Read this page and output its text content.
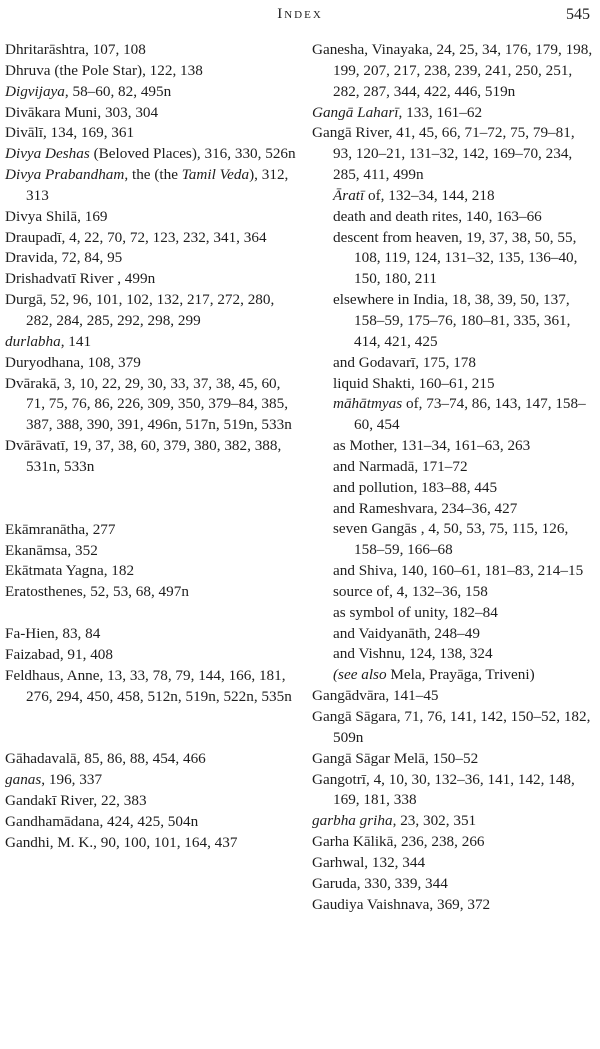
Index	545
Dhritarāshtra, 107, 108
Dhruva (the Pole Star), 122, 138
Digvijaya, 58–60, 82, 495n
Divākara Muni, 303, 304
Divālī, 134, 169, 361
Divya Deshas (Beloved Places), 316, 330, 526n
Divya Prabandham, the (the Tamil Veda), 312, 313
Divya Shilā, 169
Draupadī, 4, 22, 70, 72, 123, 232, 341, 364
Dravida, 72, 84, 95
Drishadvatī River , 499n
Durgā, 52, 96, 101, 102, 132, 217, 272, 280, 282, 284, 285, 292, 298, 299
durlabha, 141
Duryodhana, 108, 379
Dvārakā, 3, 10, 22, 29, 30, 33, 37, 38, 45, 60, 71, 75, 76, 86, 226, 309, 350, 379–84, 385, 387, 388, 390, 391, 496n, 517n, 519n, 533n
Dvārāvatī, 19, 37, 38, 60, 379, 380, 382, 388, 531n, 533n
Ekāmranātha, 277
Ekanāmsa, 352
Ekātmata Yagna, 182
Eratosthenes, 52, 53, 68, 497n
Fa-Hien, 83, 84
Faizabad, 91, 408
Feldhaus, Anne, 13, 33, 78, 79, 144, 166, 181, 276, 294, 450, 458, 512n, 519n, 522n, 535n
Gāhadavalā, 85, 86, 88, 454, 466
ganas, 196, 337
Gandakī River, 22, 383
Gandhamādana, 424, 425, 504n
Gandhi, M. K., 90, 100, 101, 164, 437
Ganesha, Vinayaka, 24, 25, 34, 176, 179, 198, 199, 207, 217, 238, 239, 241, 250, 251, 282, 287, 344, 422, 446, 519n
Gangā Laharī, 133, 161–62
Gangā River, 41, 45, 66, 71–72, 75, 79–81, 93, 120–21, 131–32, 142, 169–70, 234, 285, 411, 499n
Āratī of, 132–34, 144, 218
death and death rites, 140, 163–66
descent from heaven, 19, 37, 38, 50, 55, 108, 119, 124, 131–32, 135, 136–40, 150, 180, 211
elsewhere in India, 18, 38, 39, 50, 137, 158–59, 175–76, 180–81, 335, 361, 414, 421, 425
and Godavarī, 175, 178
liquid Shakti, 160–61, 215
māhātmyas of, 73–74, 86, 143, 147, 158–60, 454
as Mother, 131–34, 161–63, 263
and Narmadā, 171–72
and pollution, 183–88, 445
and Rameshvara, 234–36, 427
seven Gangās , 4, 50, 53, 75, 115, 126, 158–59, 166–68
and Shiva, 140, 160–61, 181–83, 214–15
source of, 4, 132–36, 158
as symbol of unity, 182–84
and Vaidyanāth, 248–49
and Vishnu, 124, 138, 324
(see also Mela, Prayāga, Triveni)
Gangādvāra, 141–45
Gangā Sāgara, 71, 76, 141, 142, 150–52, 182, 509n
Gangā Sāgar Melā, 150–52
Gangotrī, 4, 10, 30, 132–36, 141, 142, 148, 169, 181, 338
garbha griha, 23, 302, 351
Garha Kālikā, 236, 238, 266
Garhwal, 132, 344
Garuda, 330, 339, 344
Gaudiya Vaishnava, 369, 372
